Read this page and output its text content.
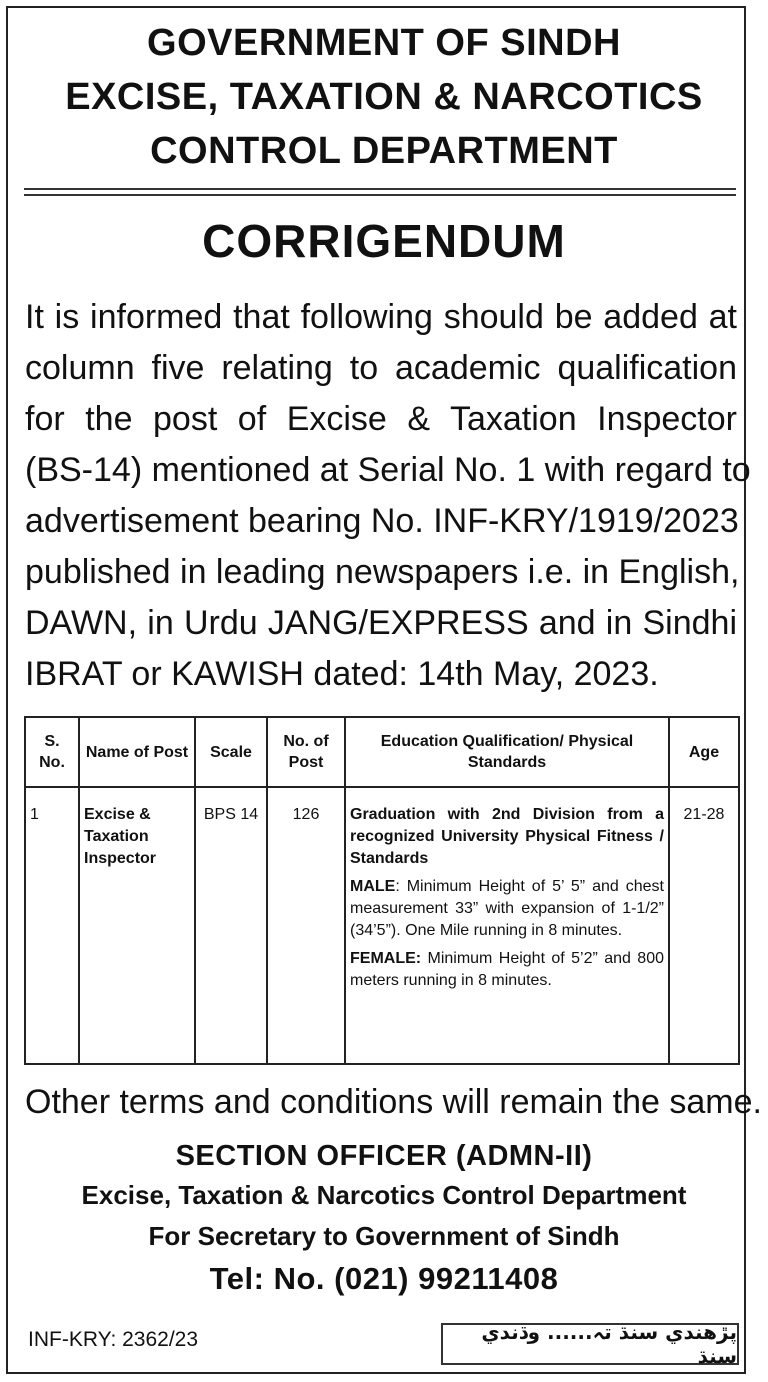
GOVERNMENT OF SINDH
EXCISE, TAXATION & NARCOTICS
CONTROL DEPARTMENT
CORRIGENDUM
It is informed that following should be added at
column five relating to academic qualification
for the post of Excise & Taxation Inspector
(BS-14) mentioned at Serial No. 1 with regard to
advertisement bearing No. INF-KRY/1919/2023
published in leading newspapers i.e. in English,
DAWN, in Urdu JANG/EXPRESS and in Sindhi
IBRAT or KAWISH dated: 14th May, 2023.
S. No.	Name of Post	Scale	No. of Post	Education Qualification/ Physical Standards	Age
1	Excise & Taxation Inspector	BPS 14	126	Graduation with 2nd Division from a recognized University Physical Fitness / Standards

MALE: Minimum Height of 5’ 5” and chest measurement 33” with expansion of 1-1/2” (34’5”). One Mile running in 8 minutes.

FEMALE: Minimum Height of 5’2” and 800 meters running in 8 minutes.	21-28
Other terms and conditions will remain the same.
SECTION OFFICER (ADMN-II)
Excise, Taxation & Narcotics Control Department
For Secretary to Government of Sindh
Tel: No. (021) 99211408
INF-KRY: 2362/23	پڙهندي سنڌ تہ...... وڌندي سنڌ
